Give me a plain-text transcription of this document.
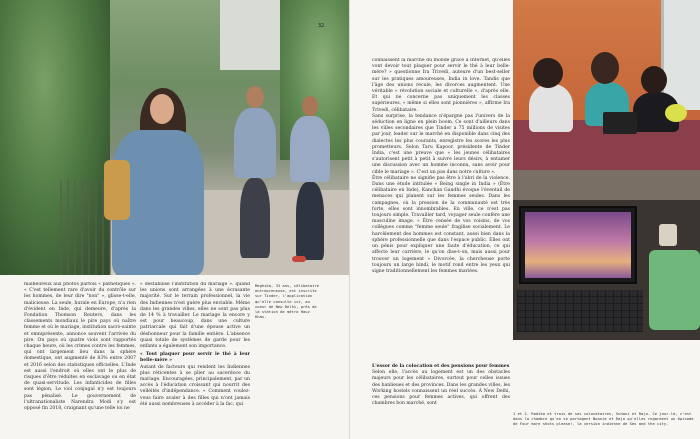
32

malheureux aux photos parfois « pathétiques ». « C'est tellement rare d'avoir du contrôle sur les hommes, de leur dire "non" », glisse-t-elle, malicieuse. La seule, hurale en Europe, n'a rien d'évident en Inde, qui demeure, d'après la Fondation Thomson Reuters, dans les classements mondiaux le pire pays où naître femme et où le mariage, institution sacro-sainte et omniprésente, annonce souvent l'arrivée du pire. On pays où quatre viols sont rapportés chaque heure, où les crimes contre les femmes, qui ont largement lieu dans la sphère domestique, ont augmenté de 83% entre 2007 et 2016 selon des statistiques officielles. L'Inde est aussi l'endroit où elles ont le plus de risques d'être réduites en esclavage ou en état de quasi-servitude. Les infanticides de filles sont légion. Le viol conjugal n'y est toujours pas pénalisé. Le gouvernement de l'ultranationaliste Narendra Modi s'y est opposé fin 2018, craignant qu'une telle loi ne

« déstabilise l'institution du mariage ». quand les unions sont arrangées à une écrasante majorité. Sur le terrain professionnel, la vie des Indiennes n'est guère plus enviable. Même dans les grandes villes, elles ne sont pas plus de 14 % à travailler. Le mariage la encore y est pour beaucoup, dans une culture patriarcale qui fait d'une épouse active un déshonneur pour la famille entière. L'absence quasi totale de systèmes de garde pour les enfants a également son importance.

« Tout plaquer pour servir le thé à leur belle-mère »

Autant de facteurs qui rendent les Indiennes plus réticentes à se plier au sacerdoce du mariage. Encouragées, principalement, par un accès à l'éducation croissant qui nourrit des velléités d'indépendance. « Comment voulez-vous faire avaler à des filles qui n'ont jamais été aussi nombreuses à accéder à la fac, qui

Meghika, 33 ans, célibataire entrepreneuse, est inscrite sur Tinder, l'application qu'elle consulte ici, au coeur de New Delhi, près de la station de métro Hauz Khas.

connaissent la marche du monde grâce à Internet, qu'elles vont devoir tout plaquer pour servir le thé à leur belle-mère? » questionne Ira Trivedi, auteure d'un best-seller sur les pratiques amoureuses, India in love. Tandis que l'âge des unions recule, les divorces augmentent. Une véritable « révolution sociale et culturelle », d'après elle. Et qui ne concerne pas uniquement les classes supérieures, « même si elles sont pionnières », affirme Ira Trivedi, célibataire.

Sans surprise, la tendance n'épargne pas l'univers de la séduction en ligne en plein boom. Ce sont d'ailleurs dans les villes secondaires que Tinder a 75 millions de visites par jour, leader sur le marché en disponible dans cinq des dialectes les plus courants, enregistre les scores les plus prometteurs. Selon Taru Kapoor, présidente de Tinder India, c'est une preuve que « les jeunes célibataires s'autorisent petit à petit à suivre leurs désirs, à entamer une discussion avec un homme inconnu, sans avoir pour cible le mariage ». C'est un pas dans notre culture ».

Être célibataire ne signifie pas être à l'abri de la violence. Dans une étude intitulée « Being single in India » (Être célibataire en Inde), Kanchan Gandhi évoque l'éventail de menaces qui planent sur les femmes seules. Dans les campagnes, où la pression de la communauté est très forte, elles sont innombrables. En ville, ce n'est pas toujours simple. Travailler tard, voyager seule confère une masculine image. « Être censée de vos voisins, de vos collègues comme "femme seule" fragilise socialement. Le harcèlement des hommes est constant, aussi bien dans la sphère professionnelle que dans l'espace public. Elles ont un pénis pour expliquer une faute d'éducation, ce qui affecte leur carrière, le qu'on dise-t-on, mais aussi pour trouver un logement » Divorcée, la chercheuse porte toujours un large bindi, le motif rond entre les yeux qui signe traditionnellement les femmes mariées.

L'essor de la colocation et des pensions pour femmes

Selon elle, l'accès au logement est un des obstacles majeurs pour les célibataires, surtout pour celles issues des banlieues et des provinces. Dans les grandes villes, les Working hostels connaissent un réel succès. À New Delhi, ces pensions pour femmes actives, qui offrent des chambres bon marché, sont

1 et 2. Radika et trois de ses colocataires, Suhani et Rajo. Ce jour-là, c'est dans la chambre qu'on se partagent Nonnie et Rajo qu'elles regardent un épisode de Four more shots please!, la version indienne de Sex and the city.
